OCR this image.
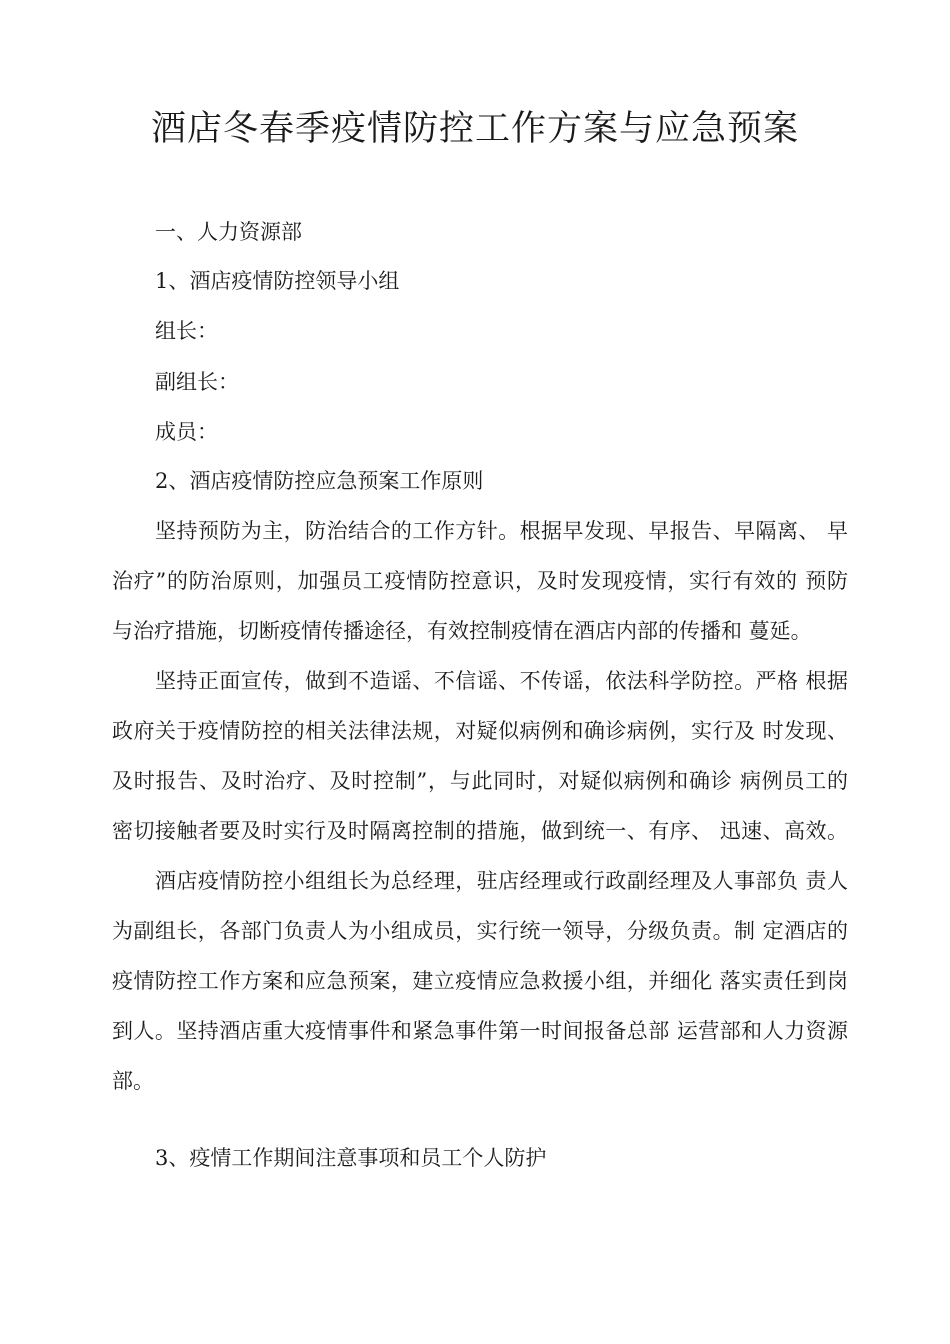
酒店冬春季疫情防控工作方案与应急预案

一、人力资源部

1、酒店疫情防控领导小组

组长：

副组长：

成员：

2、酒店疫情防控应急预案工作原则

坚持预防为主，防治结合的工作方针。根据早发现、早报告、早隔离、 早

治疗”的防治原则，加强员工疫情防控意识，及时发现疫情，实行有效的 预防

与治疗措施，切断疫情传播途径，有效控制疫情在酒店内部的传播和 蔓延。

坚持正面宣传，做到不造谣、不信谣、不传谣，依法科学防控。严格 根据

政府关于疫情防控的相关法律法规，对疑似病例和确诊病例，实行及 时发现、

及时报告、及时治疗、及时控制”，与此同时，对疑似病例和确诊 病例员工的

密切接触者要及时实行及时隔离控制的措施，做到统一、有序、 迅速、高效。

酒店疫情防控小组组长为总经理，驻店经理或行政副经理及人事部负 责人

为副组长，各部门负责人为小组成员，实行统一领导，分级负责。制 定酒店的

疫情防控工作方案和应急预案，建立疫情应急救援小组，并细化 落实责任到岗

到人。坚持酒店重大疫情事件和紧急事件第一时间报备总部 运营部和人力资源

部。

3、疫情工作期间注意事项和员工个人防护
